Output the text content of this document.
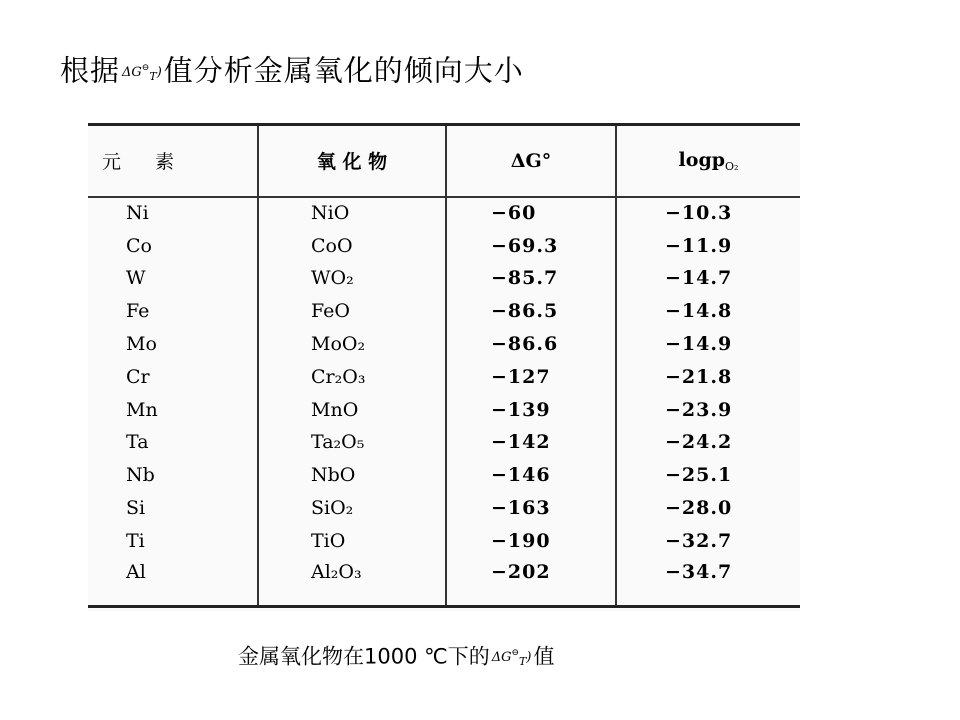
根据 $\Delta G^⊖_T$)值分析金属氧化的倾向大小
元 素	氧 化 物	ΔG°	logp$_{O_2}$
Ni	NiO	−60	−10.3
Co	CoO	−69.3	−11.9
W	WO₂	−85.7	−14.7
Fe	FeO	−86.5	−14.8
Mo	MoO₂	−86.6	−14.9
Cr	Cr₂O₃	−127	−21.8
Mn	MnO	−139	−23.9
Ta	Ta₂O₅	−142	−24.2
Nb	NbO	−146	−25.1
Si	SiO₂	−163	−28.0
Ti	TiO	−190	−32.7
Al	Al₂O₃	−202	−34.7
金属氧化物在1000 ℃下的 $\Delta G^⊖_T$)值
